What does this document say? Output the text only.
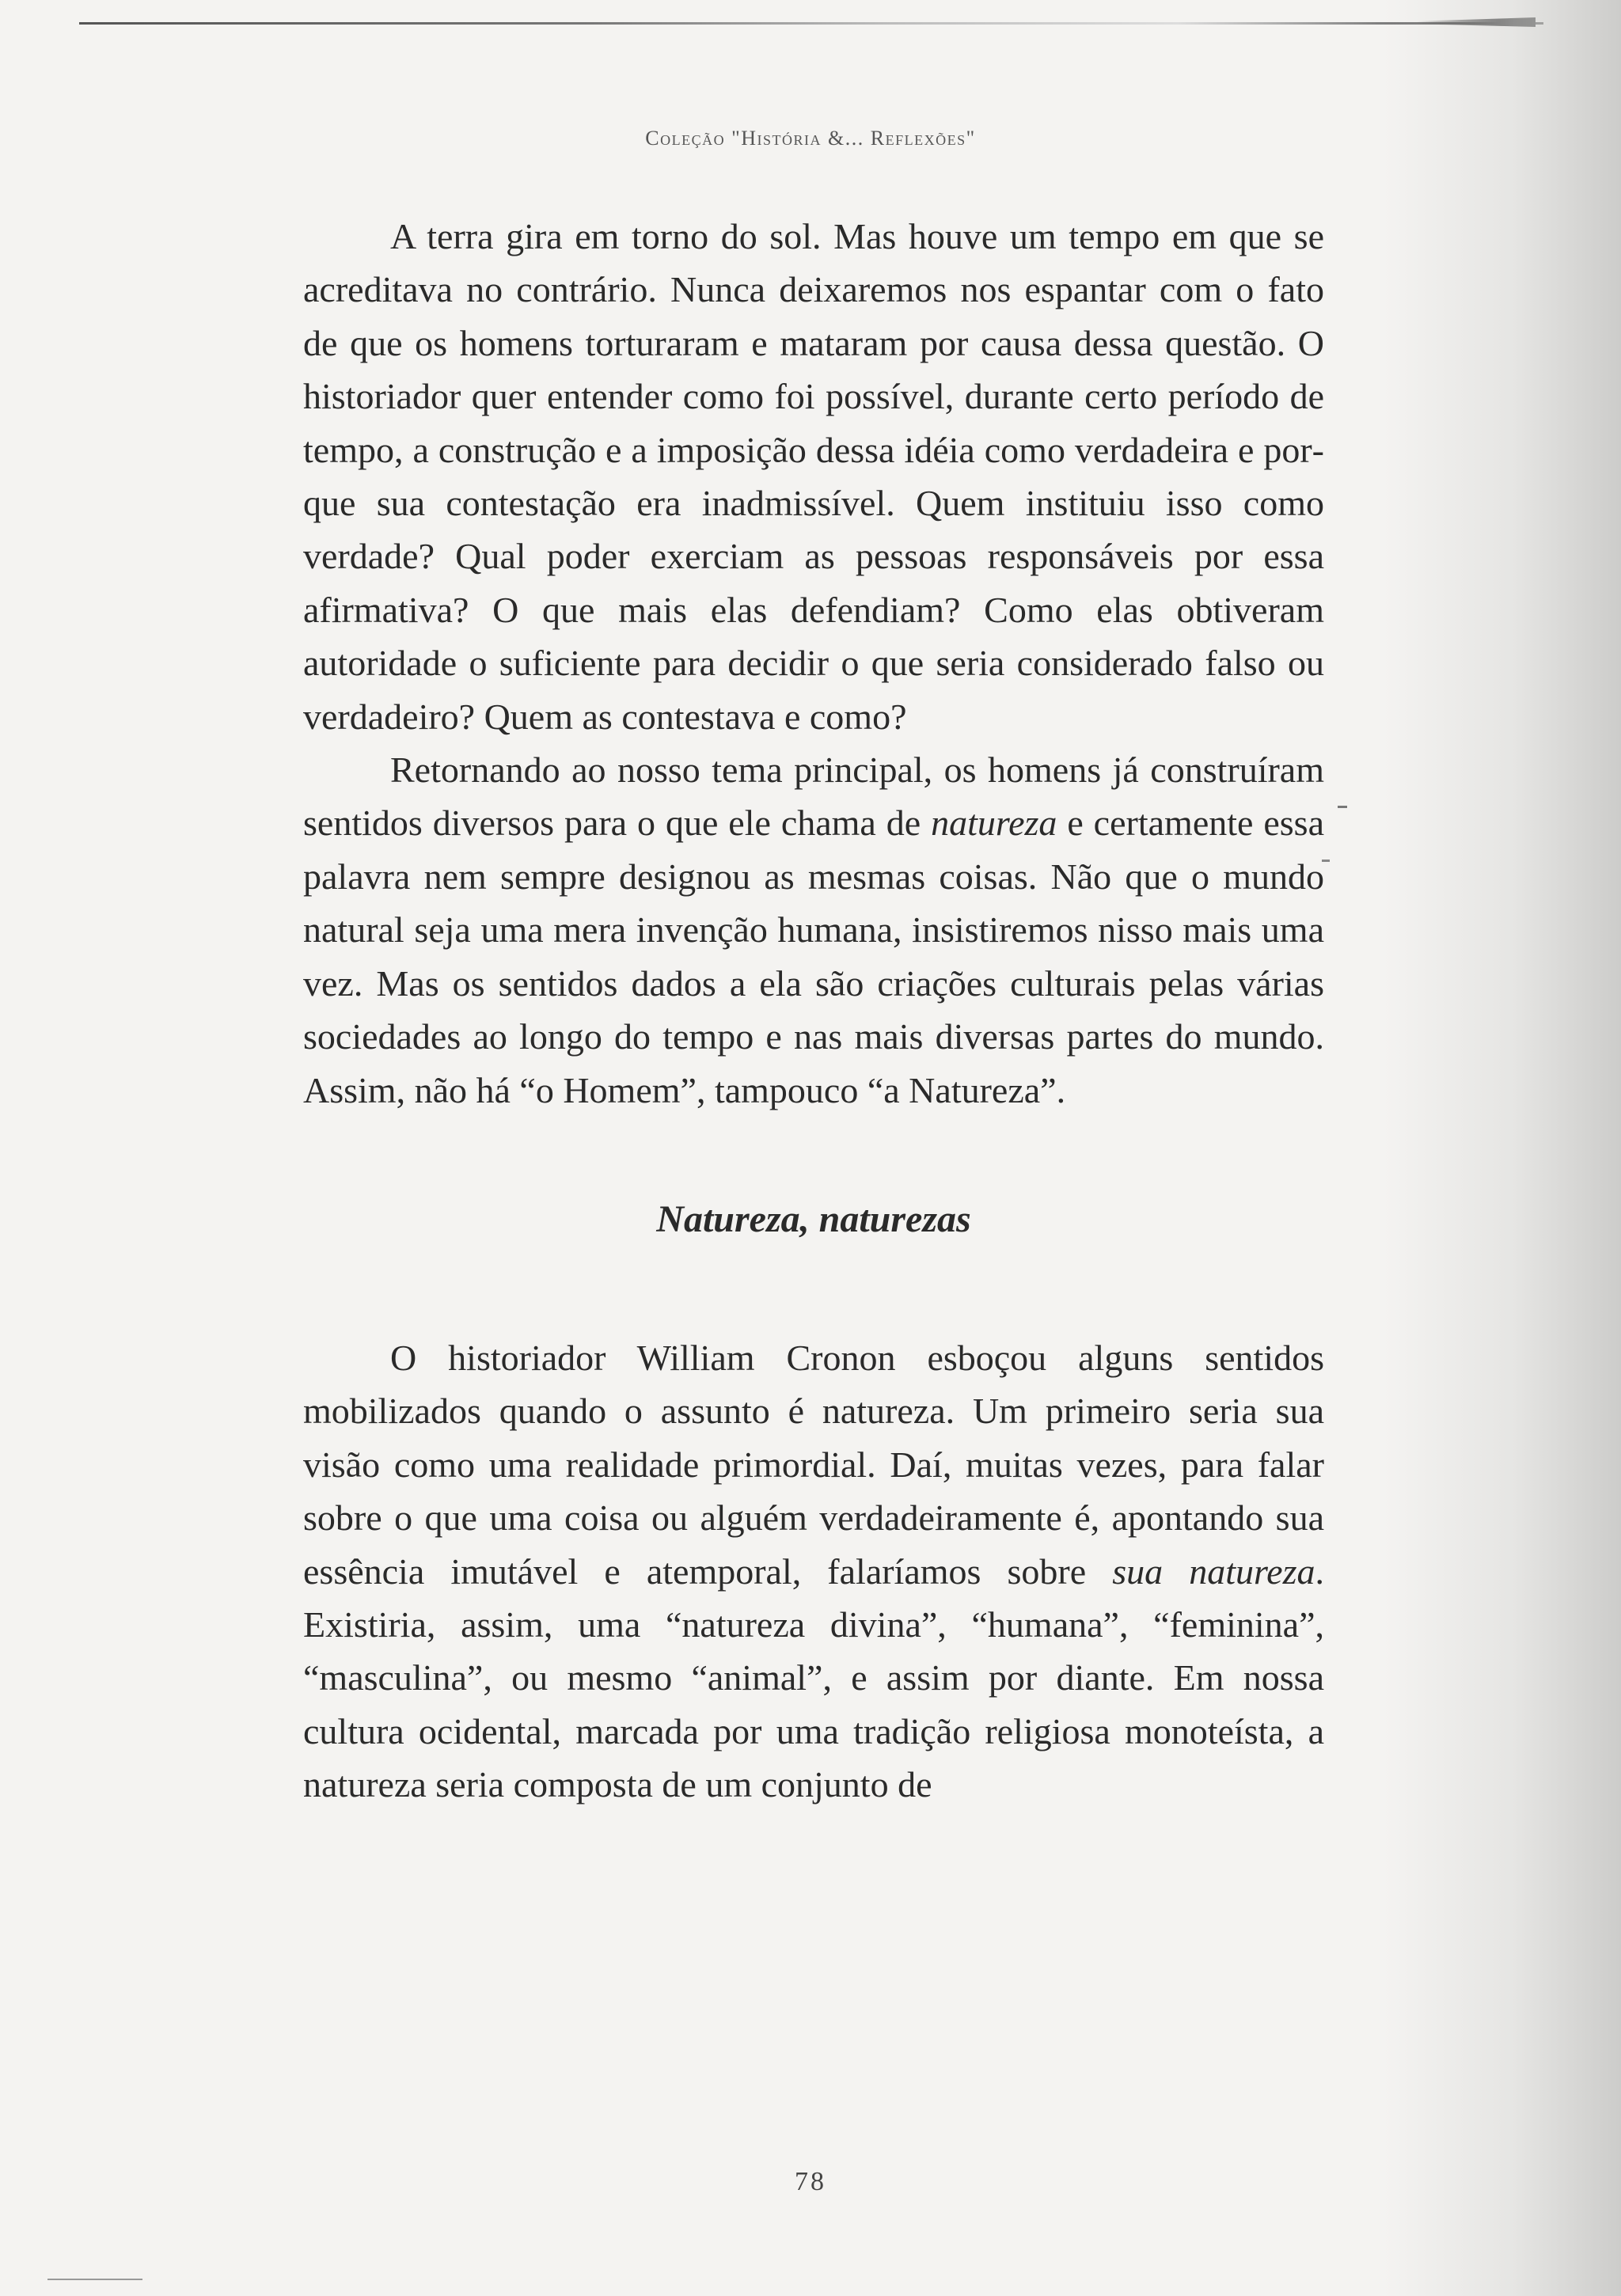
Coleção "História &... Reflexões"

A terra gira em torno do sol. Mas houve um tempo em que se acreditava no contrário. Nunca deixaremos nos espantar com o fato de que os homens torturaram e mataram por causa dessa questão. O historiador quer entender como foi possível, durante certo período de tempo, a construção e a imposição dessa idéia como verdadeira e porque sua contestação era inadmissível. Quem instituiu isso como verdade? Qual poder exerciam as pessoas responsáveis por essa afirmativa? O que mais elas defendiam? Como elas obtiveram autoridade o suficiente para decidir o que seria considerado falso ou verdadeiro? Quem as contestava e como?

Retornando ao nosso tema principal, os homens já construíram sentidos diversos para o que ele chama de natureza e certamente essa palavra nem sempre designou as mesmas coisas. Não que o mundo natural seja uma mera invenção humana, insistiremos nisso mais uma vez. Mas os sentidos dados a ela são criações culturais pelas várias sociedades ao longo do tempo e nas mais diversas partes do mundo. Assim, não há “o Homem”, tampouco “a Natureza”.

Natureza, naturezas

O historiador William Cronon esboçou alguns sentidos mobilizados quando o assunto é natureza. Um primeiro seria sua visão como uma realidade primordial. Daí, muitas vezes, para falar sobre o que uma coisa ou alguém verdadeiramente é, apontando sua essência imutável e atemporal, falaríamos sobre sua natureza. Existiria, assim, uma “natureza divina”, “humana”, “feminina”, “masculina”, ou mesmo “animal”, e assim por diante. Em nossa cultura ocidental, marcada por uma tradição religiosa monoteísta, a natureza seria composta de um conjunto de

78
